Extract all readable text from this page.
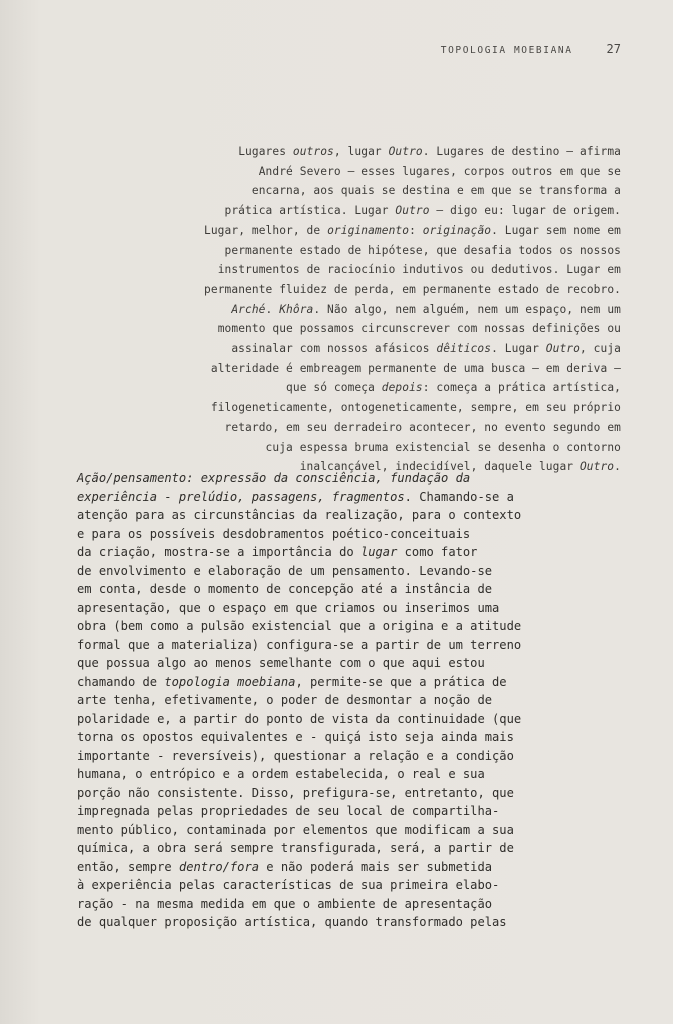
TOPOLOGIA MOEBIANA	27
Lugares outros, lugar Outro. Lugares de destino — afirma
André Severo — esses lugares, corpos outros em que se
encarna, aos quais se destina e em que se transforma a
prática artística. Lugar Outro — digo eu: lugar de origem.
Lugar, melhor, de originamento: originação. Lugar sem nome em
permanente estado de hipótese, que desafia todos os nossos
instrumentos de raciocínio indutivos ou dedutivos. Lugar em
permanente fluidez de perda, em permanente estado de recobro.
Arché. Khôra. Não algo, nem alguém, nem um espaço, nem um
momento que possamos circunscrever com nossas definições ou
assinalar com nossos afásicos dêiticos. Lugar Outro, cuja
alteridade é embreagem permanente de uma busca — em deriva —
que só começa depois: começa a prática artística,
filogeneticamente, ontogeneticamente, sempre, em seu próprio
retardo, em seu derradeiro acontecer, no evento segundo em
cuja espessa bruma existencial se desenha o contorno
inalcançável, indecidível, daquele lugar Outro.
Ação/pensamento: expressão da consciência, fundação da
experiência - prelúdio, passagens, fragmentos. Chamando-se a
atenção para as circunstâncias da realização, para o contexto
e para os possíveis desdobramentos poético-conceituais
da criação, mostra-se a importância do lugar como fator
de envolvimento e elaboração de um pensamento. Levando-se
em conta, desde o momento de concepção até a instância de
apresentação, que o espaço em que criamos ou inserimos uma
obra (bem como a pulsão existencial que a origina e a atitude
formal que a materializa) configura-se a partir de um terreno
que possua algo ao menos semelhante com o que aqui estou
chamando de topologia moebiana, permite-se que a prática de
arte tenha, efetivamente, o poder de desmontar a noção de
polaridade e, a partir do ponto de vista da continuidade (que
torna os opostos equivalentes e - quiçá isto seja ainda mais
importante - reversíveis), questionar a relação e a condição
humana, o entrópico e a ordem estabelecida, o real e sua
porção não consistente. Disso, prefigura-se, entretanto, que
impregnada pelas propriedades de seu local de compartilha-
mento público, contaminada por elementos que modificam a sua
química, a obra será sempre transfigurada, será, a partir de
então, sempre dentro/fora e não poderá mais ser submetida
à experiência pelas características de sua primeira elabo-
ração - na mesma medida em que o ambiente de apresentação
de qualquer proposição artística, quando transformado pelas
